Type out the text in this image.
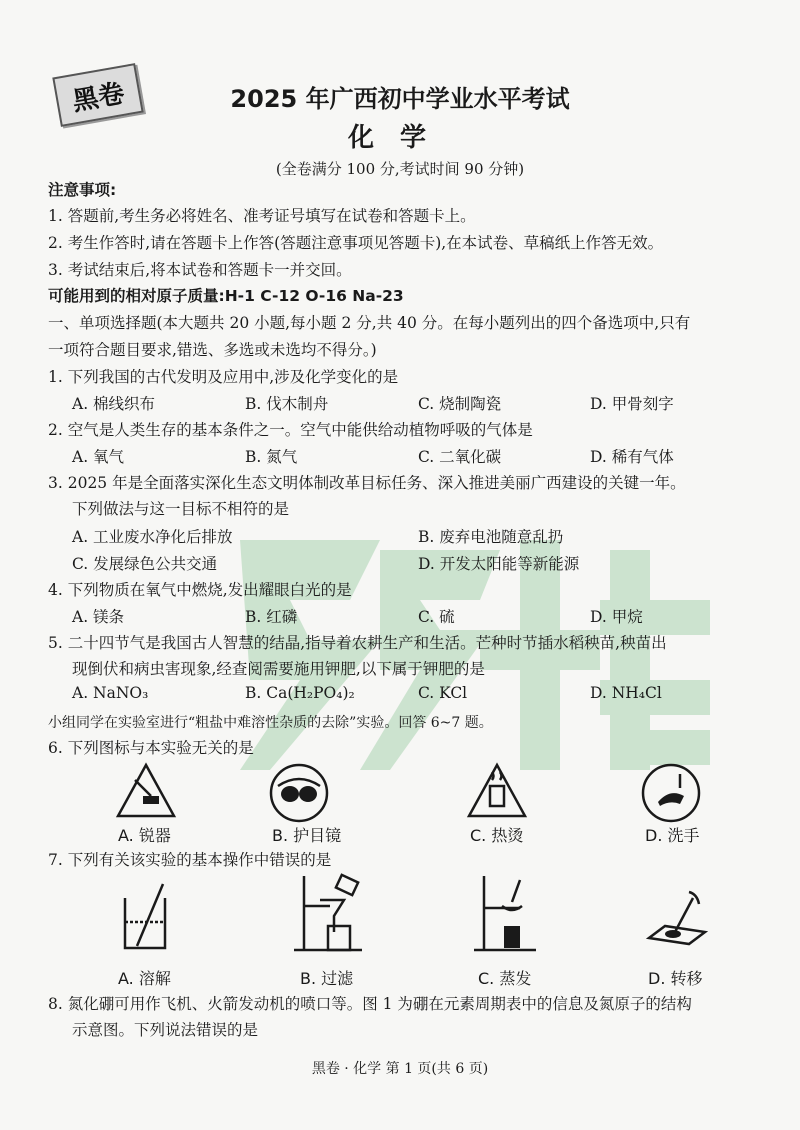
黑卷	2025 年广西初中学业水平考试
化学
(全卷满分 100 分,考试时间 90 分钟)
注意事项:
1. 答题前,考生务必将姓名、准考证号填写在试卷和答题卡上。
2. 考生作答时,请在答题卡上作答(答题注意事项见答题卡),在本试卷、草稿纸上作答无效。
3. 考试结束后,将本试卷和答题卡一并交回。
可能用到的相对原子质量:H-1 C-12 O-16 Na-23
一、单项选择题(本大题共 20 小题,每小题 2 分,共 40 分。在每小题列出的四个备选项中,只有
一项符合题目要求,错选、多选或未选均不得分。)
1. 下列我国的古代发明及应用中,涉及化学变化的是
A. 棉线织布	B. 伐木制舟	C. 烧制陶瓷	D. 甲骨刻字
2. 空气是人类生存的基本条件之一。空气中能供给动植物呼吸的气体是
A. 氧气	B. 氮气	C. 二氧化碳	D. 稀有气体
3. 2025 年是全面落实深化生态文明体制改革目标任务、深入推进美丽广西建设的关键一年。
下列做法与这一目标不相符的是
A. 工业废水净化后排放	B. 废弃电池随意乱扔
C. 发展绿色公共交通	D. 开发太阳能等新能源
4. 下列物质在氧气中燃烧,发出耀眼白光的是
A. 镁条	B. 红磷	C. 硫	D. 甲烷
5. 二十四节气是我国古人智慧的结晶,指导着农耕生产和生活。芒种时节插水稻秧苗,秧苗出
现倒伏和病虫害现象,经查阅需要施用钾肥,以下属于钾肥的是
A. NaNO₃	B. Ca(H₂PO₄)₂	C. KCl	D. NH₄Cl
小组同学在实验室进行“粗盐中难溶性杂质的去除”实验。回答 6~7 题。
6. 下列图标与本实验无关的是
A. 锐器	B. 护目镜	C. 热烫	D. 洗手
7. 下列有关该实验的基本操作中错误的是
A. 溶解	B. 过滤	C. 蒸发	D. 转移
8. 氮化硼可用作飞机、火箭发动机的喷口等。图 1 为硼在元素周期表中的信息及氮原子的结构
示意图。下列说法错误的是
黑卷 · 化学 第 1 页(共 6 页)
